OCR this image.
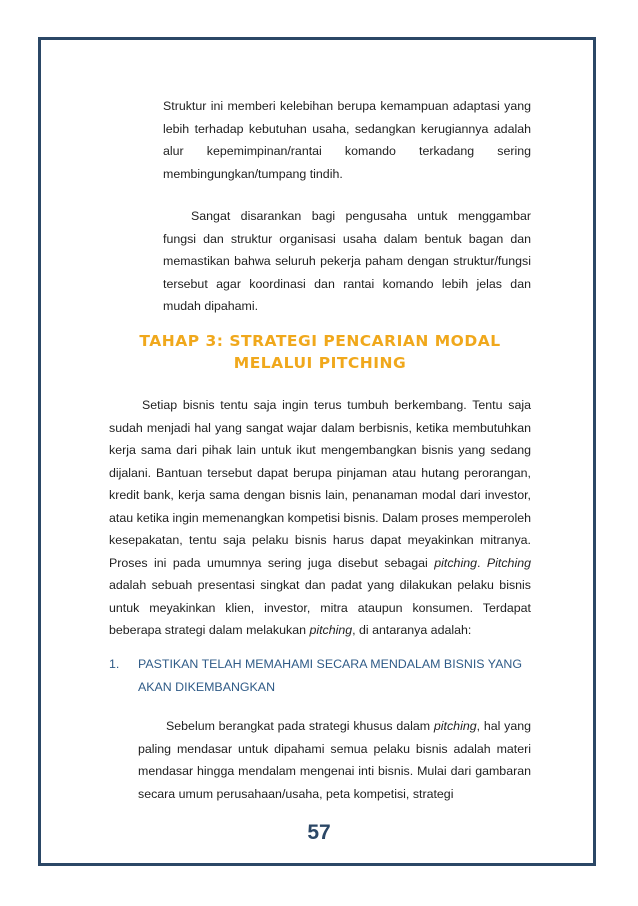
Struktur ini memberi kelebihan berupa kemampuan adaptasi yang lebih terhadap kebutuhan usaha, sedangkan kerugiannya adalah alur kepemimpinan/rantai komando terkadang sering membingungkan/tumpang tindih.

Sangat disarankan bagi pengusaha untuk menggambar fungsi dan struktur organisasi usaha dalam bentuk bagan dan memastikan bahwa seluruh pekerja paham dengan struktur/fungsi tersebut agar koordinasi dan rantai komando lebih jelas dan mudah dipahami.

TAHAP 3: STRATEGI PENCARIAN MODAL
MELALUI PITCHING

Setiap bisnis tentu saja ingin terus tumbuh berkembang. Tentu saja sudah menjadi hal yang sangat wajar dalam berbisnis, ketika membutuhkan kerja sama dari pihak lain untuk ikut mengembangkan bisnis yang sedang dijalani. Bantuan tersebut dapat berupa pinjaman atau hutang perorangan, kredit bank, kerja sama dengan bisnis lain, penanaman modal dari investor, atau ketika ingin memenangkan kompetisi bisnis. Dalam proses memperoleh kesepakatan, tentu saja pelaku bisnis harus dapat meyakinkan mitranya. Proses ini pada umumnya sering juga disebut sebagai pitching. Pitching adalah sebuah presentasi singkat dan padat yang dilakukan pelaku bisnis untuk meyakinkan klien, investor, mitra ataupun konsumen. Terdapat beberapa strategi dalam melakukan pitching, di antaranya adalah:

1. PASTIKAN TELAH MEMAHAMI SECARA MENDALAM BISNIS YANG AKAN DIKEMBANGKAN

Sebelum berangkat pada strategi khusus dalam pitching, hal yang paling mendasar untuk dipahami semua pelaku bisnis adalah materi mendasar hingga mendalam mengenai inti bisnis. Mulai dari gambaran secara umum perusahaan/usaha, peta kompetisi, strategi

57
